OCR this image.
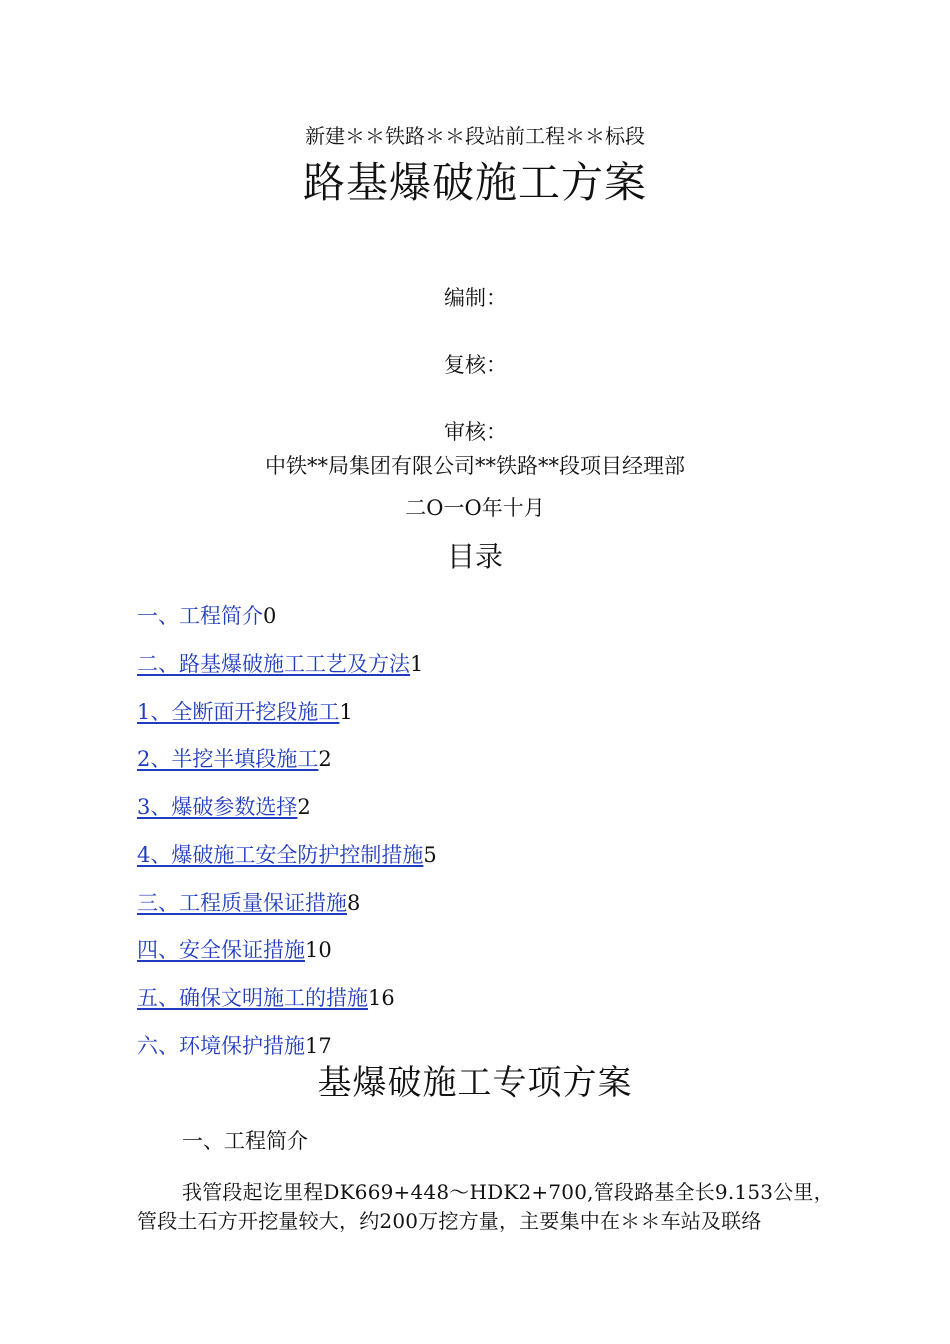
新建＊＊铁路＊＊段站前工程＊＊标段
路基爆破施工方案
编制：
复核：
审核：
中铁**局集团有限公司**铁路**段项目经理部
二O一O年十月
目录
一、工程简介0
二、路基爆破施工工艺及方法1
1、全断面开挖段施工1
2、半挖半填段施工2
3、爆破参数选择2
4、爆破施工安全防护控制措施5
三、工程质量保证措施8
四、安全保证措施10
五、确保文明施工的措施16
六、环境保护措施17
基爆破施工专项方案
一、工程简介
我管段起讫里程DK669+448～HDK2+700,管段路基全长9.153公里，
管段土石方开挖量较大，约200万挖方量，主要集中在＊＊车站及联络
